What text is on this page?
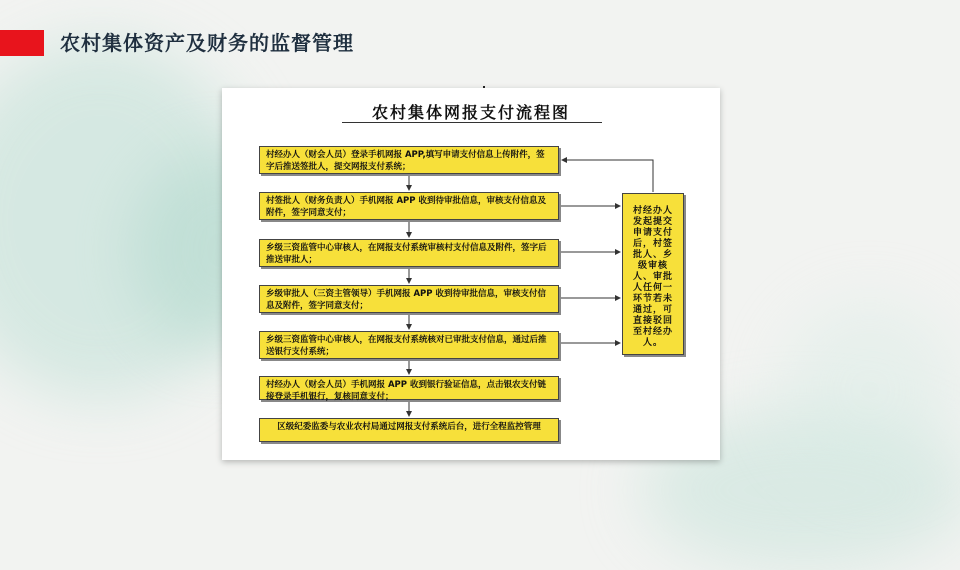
农村集体资产及财务的监督管理
农村集体网报支付流程图
村经办人（财会人员）登录手机网报 APP,填写申请支付信息上传附件，签字后推送签批人，提交网报支付系统；
村签批人（财务负责人）手机网报 APP 收到待审批信息，审核支付信息及附件，签字同意支付；
乡级三资监管中心审核人，在网报支付系统审核村支付信息及附件，签字后推送审批人；
乡级审批人（三资主管领导）手机网报 APP 收到待审批信息，审核支付信息及附件，签字同意支付；
乡级三资监管中心审核人，在网报支付系统核对已审批支付信息，通过后推送银行支付系统；
村经办人（财会人员）手机网报 APP 收到银行验证信息，点击银农支付链接登录手机银行，复核同意支付；
区级纪委监委与农业农村局通过网报支付系统后台，进行全程监控管理
村经办人发起提交申请支付后，村签批人、乡级审核人、审批人任何一环节若未通过，可直接驳回至村经办人。
